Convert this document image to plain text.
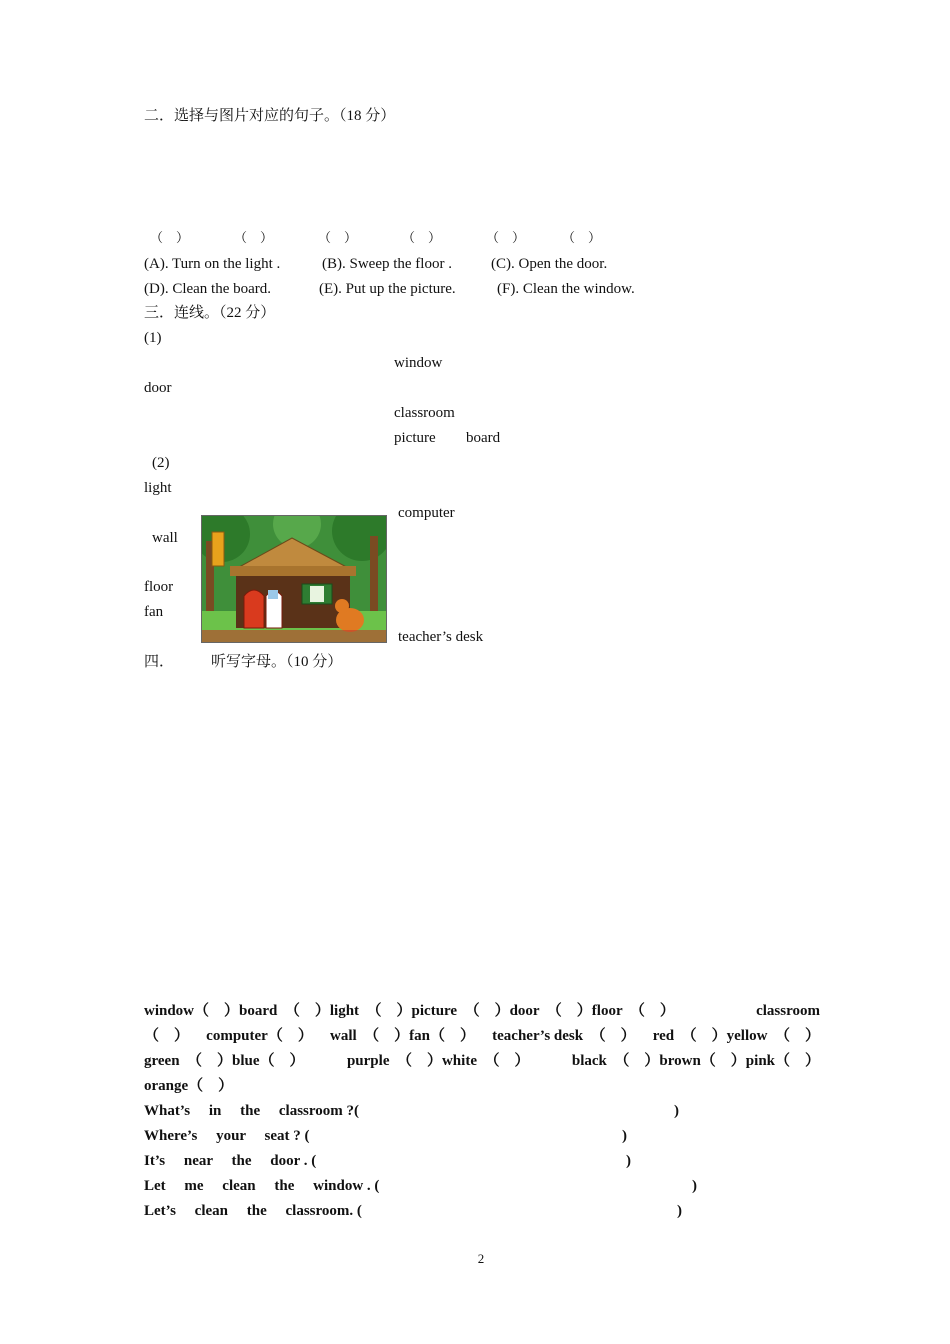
二．选择与图片对应的句子。（18 分）
（　）	（　）	（　）	（　）	（　）	（　）
(A). Turn on the light .	(B). Sweep the floor .	(C). Open the door.
(D). Clean the board.	(E). Put up the picture.	(F). Clean the window.
三．连线。（22 分）
(1)
window
door
classroom
picture board
(2)
light
wall
floor
fan
computer
teacher’s desk
四． 听写字母。（10 分）
window（　）board　（　）light　（　）picture　（　）door　（　）floor　（　）	classroom
（　） computer（　） wall　（　）fan（　） teacher’s desk　（　） red　（　）yellow　（　）
green　（　）blue（　）	purple　（　）white　（　）	black　（　）brown（　）pink（　）
orange（　）
What’s　 in　 the　 classroom ?(	)
Where’s　 your　 seat ? (	)
It’s　 near　 the　 door . (	)
Let　 me　 clean　 the　 window . (	)
Let’s　 clean　 the　 classroom. (	)
2
